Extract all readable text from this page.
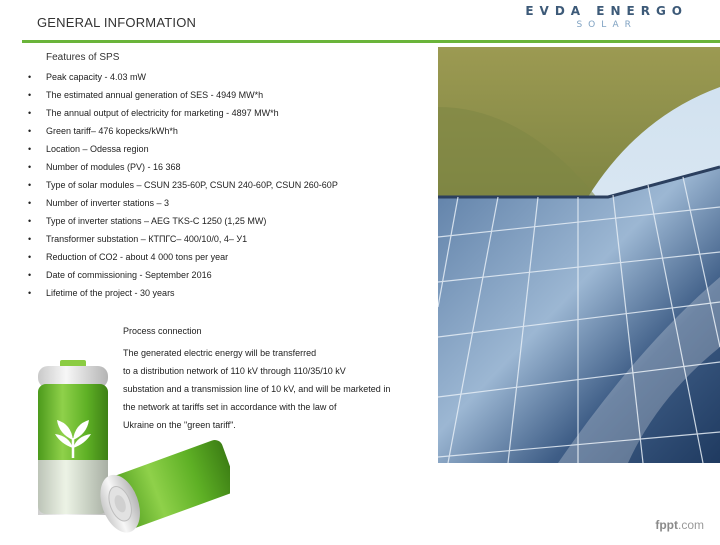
GENERAL INFORMATION
EVDA ENERGO
SOLAR
Features of SPS
• Peak capacity - 4.03 mW
• The estimated annual generation of SES - 4949 MW*h
• The annual output of electricity for marketing - 4897 MW*h
• Green tariff– 476 kopecks/kWh*h
• Location – Odessa region
• Number of modules (PV) - 16 368
• Type of solar modules – CSUN 235-60P, CSUN 240-60P, CSUN 260-60P
• Number of inverter stations – 3
• Type of inverter stations – AEG TKS-C 1250 (1,25 MW)
• Transformer substation – КТПГС– 400/10/0, 4– У1
• Reduction of CO2 - about 4 000 tons per year
• Date of commissioning - September 2016
• Lifetime of the project - 30 years
Process connection
The generated electric energy will be transferred
to a distribution network of 110 kV through 110/35/10 kV
substation and a transmission line of 10 kV, and will be marketed in
the network at tariffs set in accordance with the law of
Ukraine on the "green tariff".
fppt.com
